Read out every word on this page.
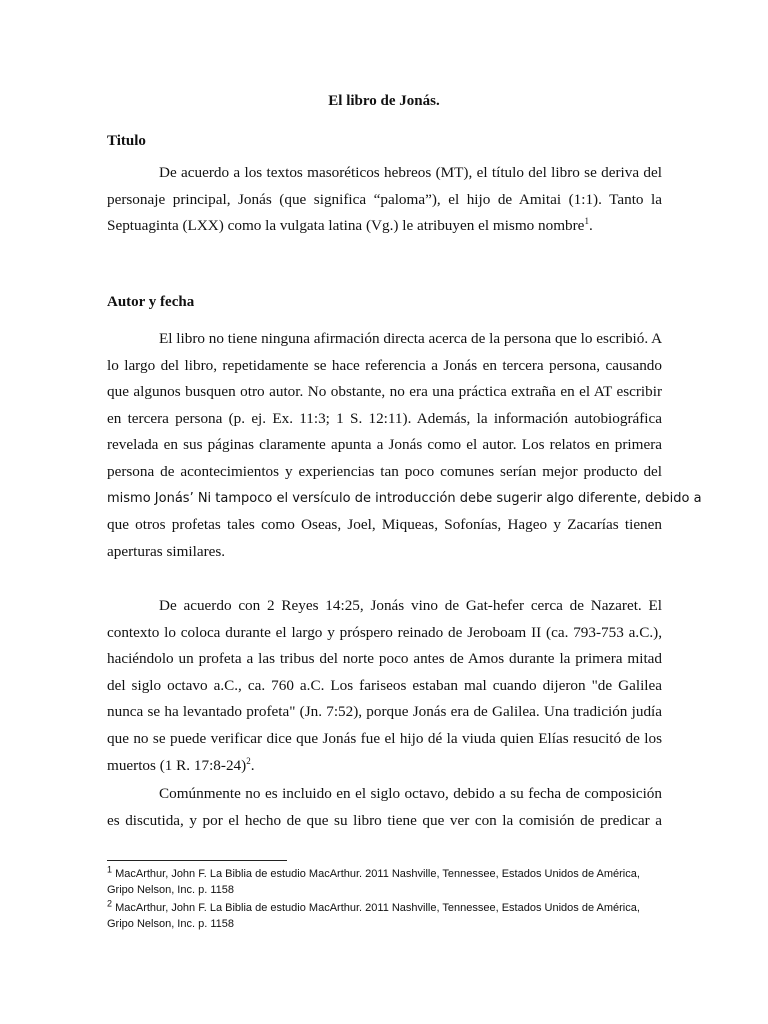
El libro de Jonás.
Titulo
De acuerdo a los textos masoréticos hebreos (MT), el título del libro se deriva del
personaje principal, Jonás (que significa “paloma”), el hijo de Amitai (1:1). Tanto la
Septuaginta (LXX) como la vulgata latina (Vg.) le atribuyen el mismo nombre$^1$.
Autor y fecha
El libro no tiene ninguna afirmación directa acerca de la persona que lo escribió. A
lo largo del libro, repetidamente se hace referencia a Jonás en tercera persona, causando
que algunos busquen otro autor. No obstante, no era una práctica extraña en el AT escribir
en tercera persona (p. ej. Ex. 11:3; 1 S. 12:11). Además, la información autobiográfica
revelada en sus páginas claramente apunta a Jonás como el autor. Los relatos en primera
persona de acontecimientos y experiencias tan poco comunes serían mejor producto del
mismo Jonás’ Ni tampoco el versículo de introducción debe sugerir algo diferente, debido a
que otros profetas tales como Oseas, Joel, Miqueas, Sofonías, Hageo y Zacarías tienen
aperturas similares.
De acuerdo con 2 Reyes 14:25, Jonás vino de Gat-hefer cerca de Nazaret. El
contexto lo coloca durante el largo y próspero reinado de Jeroboam II (ca. 793-753 a.C.),
haciéndolo un profeta a las tribus del norte poco antes de Amos durante la primera mitad
del siglo octavo a.C., ca. 760 a.C. Los fariseos estaban mal cuando dijeron "de Galilea
nunca se ha levantado profeta" (Jn. 7:52), porque Jonás era de Galilea. Una tradición judía
que no se puede verificar dice que Jonás fue el hijo dé la viuda quien Elías resucitó de los
muertos (1 R. 17:8-24)$^2$.
Comúnmente no es incluido en el siglo octavo, debido a su fecha de composición
es discutida, y por el hecho de que su libro tiene que ver con la comisión de predicar a
$^1$ MacArthur, John F. La Biblia de estudio MacArthur. 2011 Nashville, Tennessee, Estados Unidos de América,
Gripo Nelson, Inc. p. 1158
$^2$ MacArthur, John F. La Biblia de estudio MacArthur. 2011 Nashville, Tennessee, Estados Unidos de América,
Gripo Nelson, Inc. p. 1158
